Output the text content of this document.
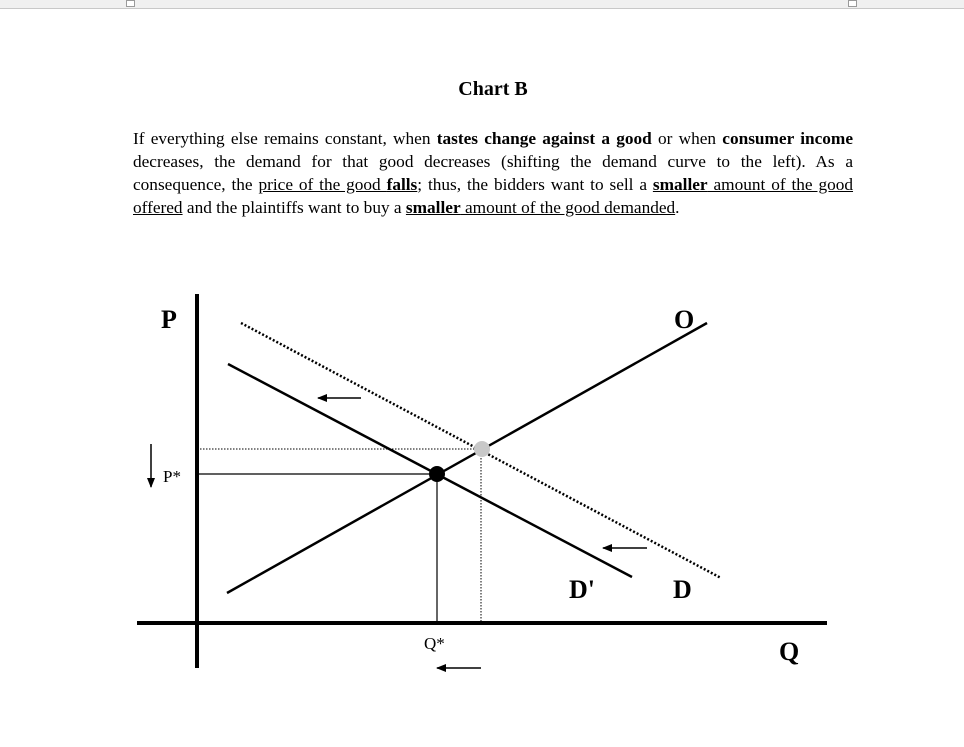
Chart B
If everything else remains constant, when tastes change against a good or when consumer income decreases, the demand for that good decreases (shifting the demand curve to the left). As a consequence, the price of the good falls; thus, the bidders want to sell a smaller amount of the good offered and the plaintiffs want to buy a smaller amount of the good demanded.
P
Q
P*
Q*
O
D'	D
